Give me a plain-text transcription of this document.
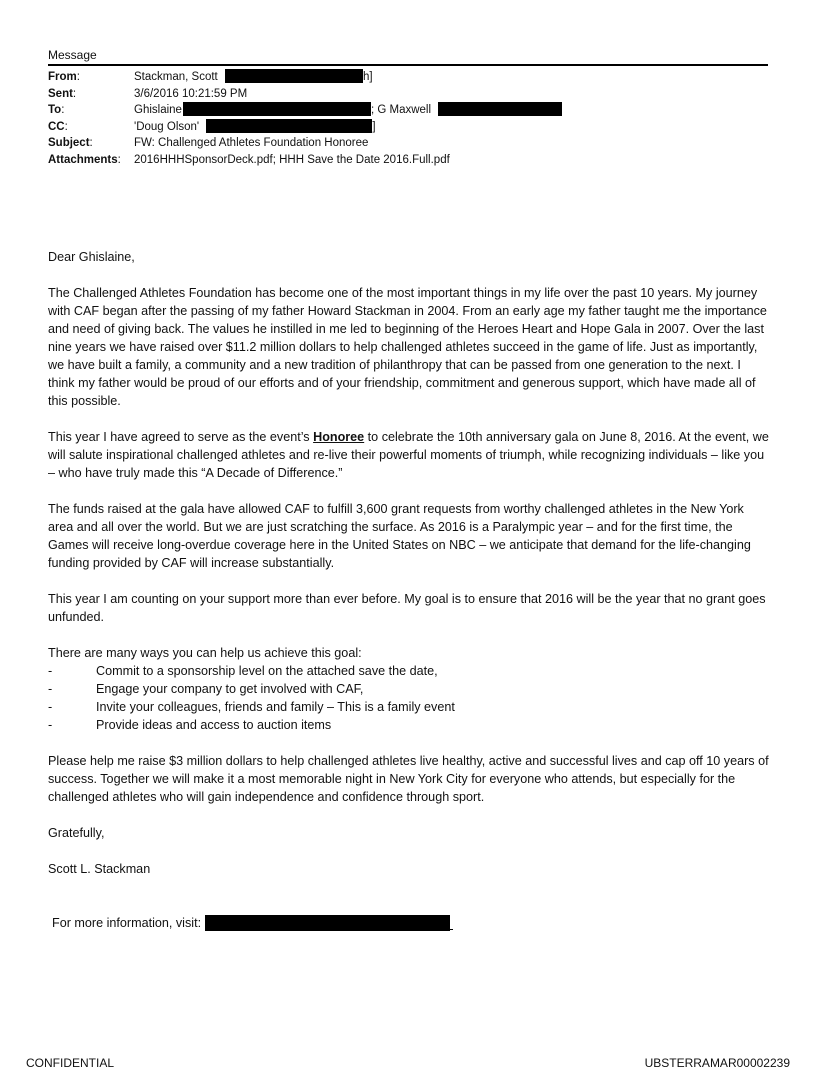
Message
From:	Stackman, Scott	h]
Sent:	3/6/2016 10:21:59 PM
To:	Ghislaine	; G Maxwell
CC:	'Doug Olson'	]
Subject:	FW: Challenged Athletes Foundation Honoree
Attachments: 2016HHHSponsorDeck.pdf; HHH Save the Date 2016.Full.pdf

Dear Ghislaine,

The Challenged Athletes Foundation has become one of the most important things in my life over the past 10 years. My journey with CAF began after the passing of my father Howard Stackman in 2004. From an early age my father taught me the importance and need of giving back. The values he instilled in me led to beginning of the Heroes Heart and Hope Gala in 2007. Over the last nine years we have raised over $11.2 million dollars to help challenged athletes succeed in the game of life. Just as importantly, we have built a family, a community and a new tradition of philanthropy that can be passed from one generation to the next. I think my father would be proud of our efforts and of your friendship, commitment and generous support, which have made all of this possible.

This year I have agreed to serve as the event’s Honoree to celebrate the 10th anniversary gala on June 8, 2016. At the event, we will salute inspirational challenged athletes and re-live their powerful moments of triumph, while recognizing individuals – like you – who have truly made this “A Decade of Difference.”

The funds raised at the gala have allowed CAF to fulfill 3,600 grant requests from worthy challenged athletes in the New York area and all over the world. But we are just scratching the surface. As 2016 is a Paralympic year – and for the first time, the Games will receive long-overdue coverage here in the United States on NBC – we anticipate that demand for the life-changing funding provided by CAF will increase substantially.

This year I am counting on your support more than ever before. My goal is to ensure that 2016 will be the year that no grant goes unfunded.

There are many ways you can help us achieve this goal:
-	Commit to a sponsorship level on the attached save the date,
-	Engage your company to get involved with CAF,
-	Invite your colleagues, friends and family – This is a family event
-	Provide ideas and access to auction items

Please help me raise $3 million dollars to help challenged athletes live healthy, active and successful lives and cap off 10 years of success. Together we will make it a most memorable night in New York City for everyone who attends, but especially for the challenged athletes who will gain independence and confidence through sport.

Gratefully,

Scott L. Stackman

For more information, visit:
CONFIDENTIAL	UBSTERRAMAR00002239
